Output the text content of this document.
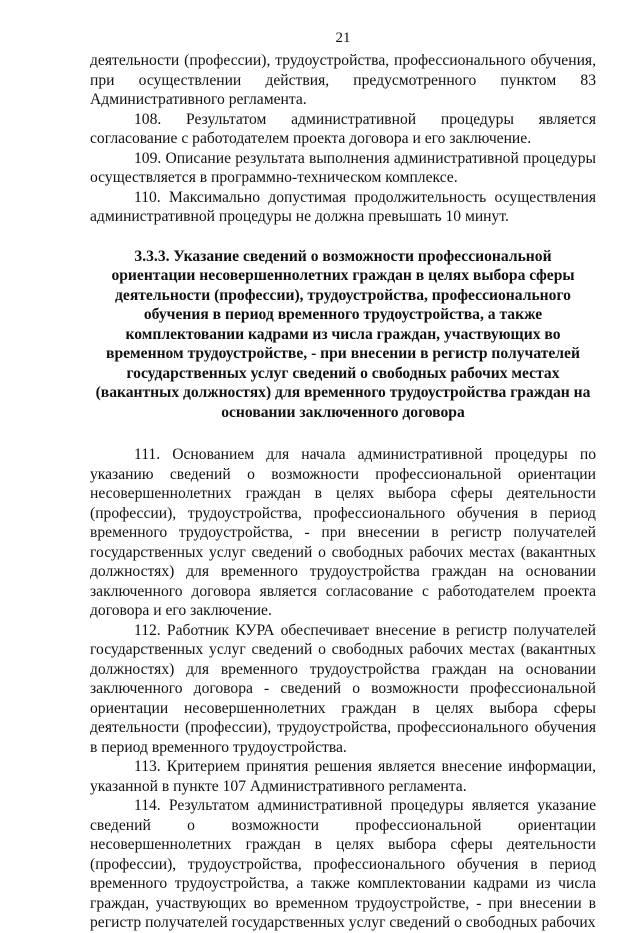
21

деятельности (профессии), трудоустройства, профессионального обучения, при осуществлении действия, предусмотренного пунктом 83 Административного регламента.

108. Результатом административной процедуры является согласование с работодателем проекта договора и его заключение.

109. Описание результата выполнения административной процедуры осуществляется в программно-техническом комплексе.

110. Максимально допустимая продолжительность осуществления административной процедуры не должна превышать 10 минут.

3.3.3. Указание сведений о возможности профессиональной ориентации несовершеннолетних граждан в целях выбора сферы деятельности (профессии), трудоустройства, профессионального обучения в период временного трудоустройства, а также комплектовании кадрами из числа граждан, участвующих во временном трудоустройстве, - при внесении в регистр получателей государственных услуг сведений о свободных рабочих местах (вакантных должностях) для временного трудоустройства граждан на основании заключенного договора

111. Основанием для начала административной процедуры по указанию сведений о возможности профессиональной ориентации несовершеннолетних граждан в целях выбора сферы деятельности (профессии), трудоустройства, профессионального обучения в период временного трудоустройства, - при внесении в регистр получателей государственных услуг сведений о свободных рабочих местах (вакантных должностях) для временного трудоустройства граждан на основании заключенного договора является согласование с работодателем проекта договора и его заключение.

112. Работник КУРА обеспечивает внесение в регистр получателей государственных услуг сведений о свободных рабочих местах (вакантных должностях) для временного трудоустройства граждан на основании заключенного договора - сведений о возможности профессиональной ориентации несовершеннолетних граждан в целях выбора сферы деятельности (профессии), трудоустройства, профессионального обучения в период временного трудоустройства.

113. Критерием принятия решения является внесение информации, указанной в пункте 107 Административного регламента.

114. Результатом административной процедуры является указание сведений о возможности профессиональной ориентации несовершеннолетних граждан в целях выбора сферы деятельности (профессии), трудоустройства, профессионального обучения в период временного трудоустройства, а также комплектовании кадрами из числа граждан, участвующих во временном трудоустройстве, - при внесении в регистр получателей государственных услуг сведений о свободных рабочих
